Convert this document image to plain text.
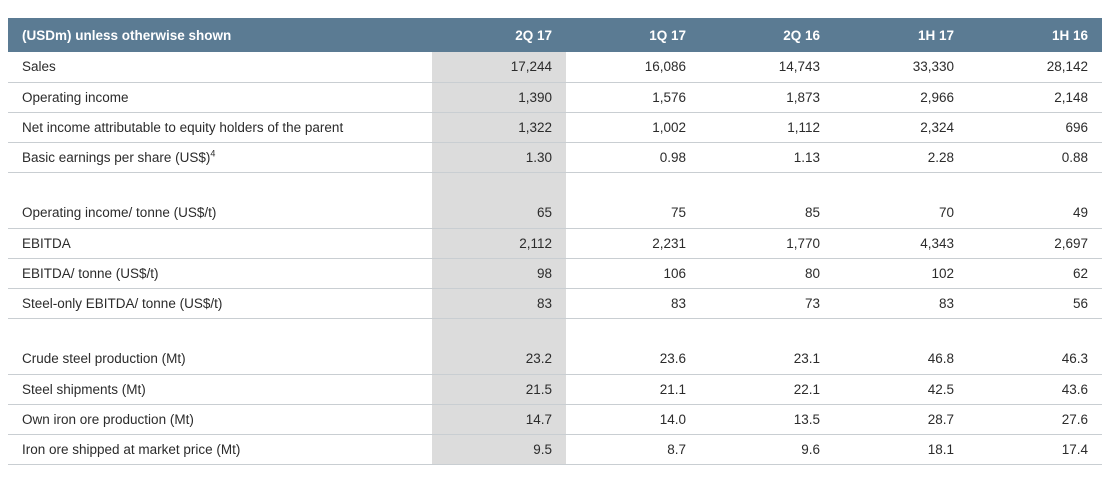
(USDm) unless otherwise shown	2Q 17	1Q 17	2Q 16	1H 17	1H 16
Sales	17,244	16,086	14,743	33,330	28,142
Operating income	1,390	1,576	1,873	2,966	2,148
Net income attributable to equity holders of the parent	1,322	1,002	1,112	2,324	696
Basic earnings per share (US$)$^4$	1.30	0.98	1.13	2.28	0.88

Operating income/ tonne (US$/t)	65	75	85	70	49
EBITDA	2,112	2,231	1,770	4,343	2,697
EBITDA/ tonne (US$/t)	98	106	80	102	62
Steel-only EBITDA/ tonne (US$/t)	83	83	73	83	56

Crude steel production (Mt)	23.2	23.6	23.1	46.8	46.3
Steel shipments (Mt)	21.5	21.1	22.1	42.5	43.6
Own iron ore production (Mt)	14.7	14.0	13.5	28.7	27.6
Iron ore shipped at market price (Mt)	9.5	8.7	9.6	18.1	17.4
